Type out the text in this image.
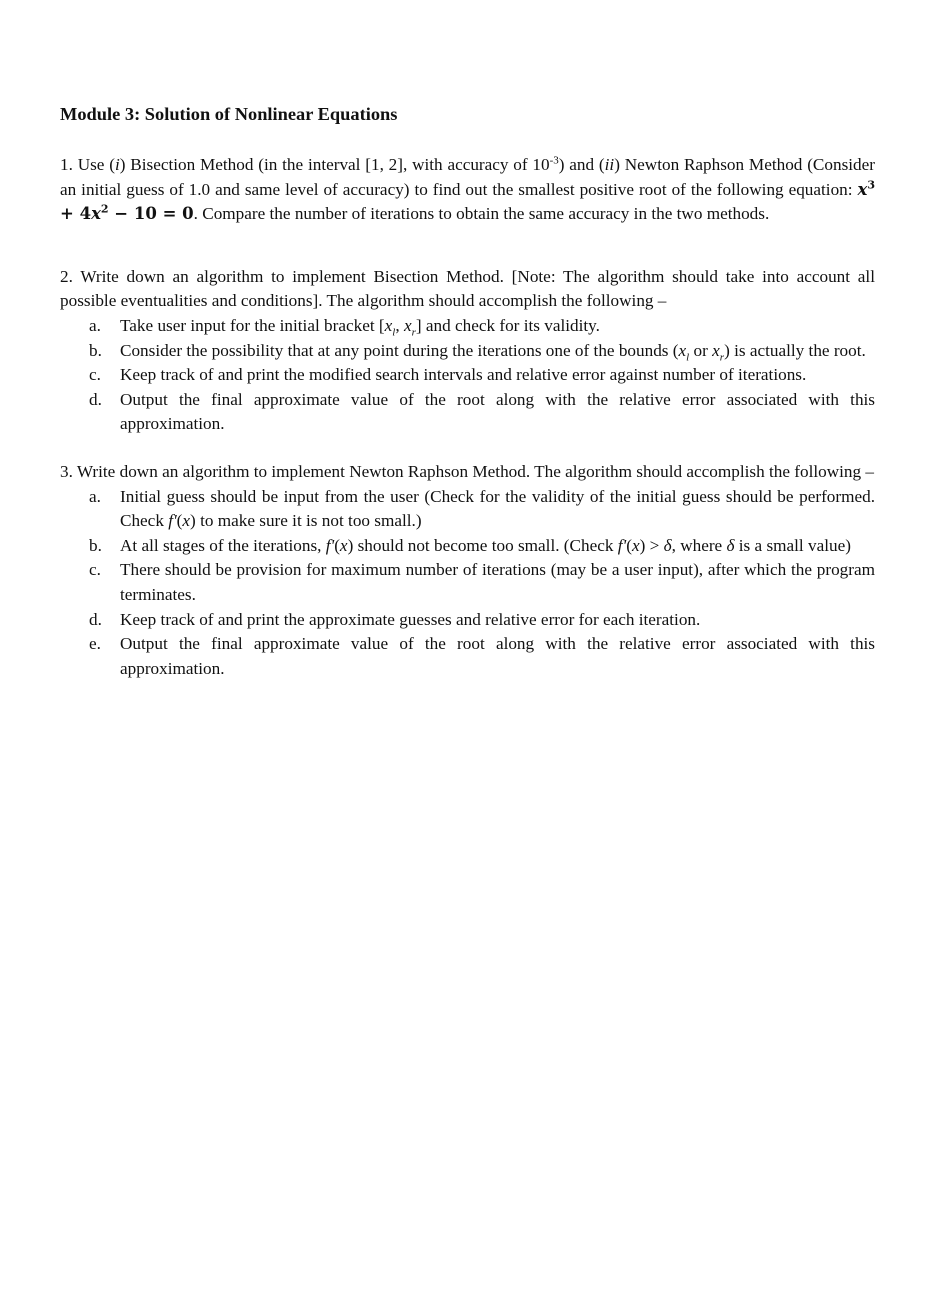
Module 3: Solution of Nonlinear Equations

1. Use (i) Bisection Method (in the interval [1, 2], with accuracy of $10^{-3}$) and (ii) Newton Raphson Method (Consider an initial guess of 1.0 and same level of accuracy) to find out the smallest positive root of the following equation: $x^3 + 4x^2 - 10 = 0$. Compare the number of iterations to obtain the same accuracy in the two methods.

2. Write down an algorithm to implement Bisection Method. [Note: The algorithm should take into account all possible eventualities and conditions]. The algorithm should accomplish the following –

a. Take user input for the initial bracket [$x_l$, $x_r$] and check for its validity.
b. Consider the possibility that at any point during the iterations one of the bounds ($x_l$ or $x_r$) is actually the root.
c. Keep track of and print the modified search intervals and relative error against number of iterations.
d. Output the final approximate value of the root along with the relative error associated with this approximation.

3. Write down an algorithm to implement Newton Raphson Method. The algorithm should accomplish the following –

a. Initial guess should be input from the user (Check for the validity of the initial guess should be performed. Check f'(x) to make sure it is not too small.)
b. At all stages of the iterations, f'(x) should not become too small. (Check f'(x) > δ, where δ is a small value)
c. There should be provision for maximum number of iterations (may be a user input), after which the program terminates.
d. Keep track of and print the approximate guesses and relative error for each iteration.
e. Output the final approximate value of the root along with the relative error associated with this approximation.
